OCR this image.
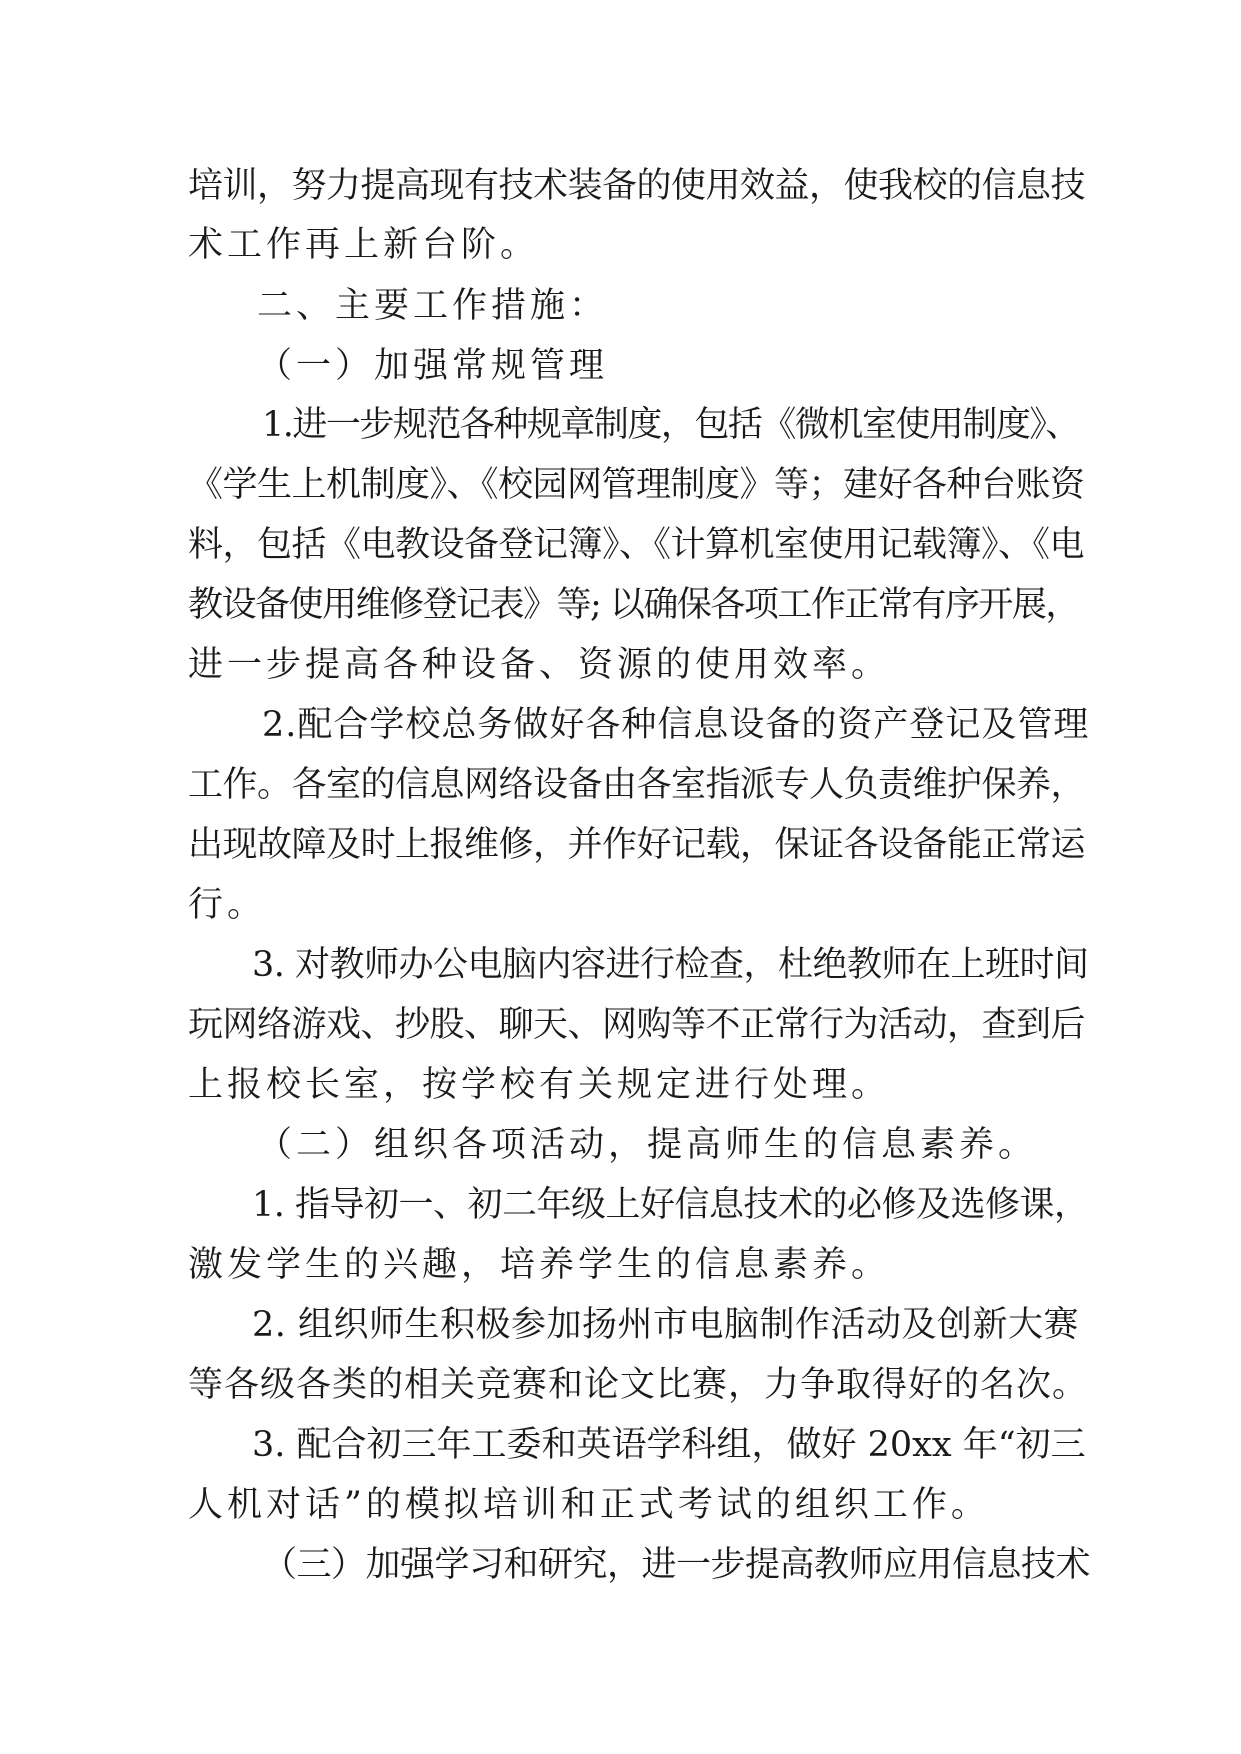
培训，努力提高现有技术装备的使用效益，使我校的信息技
术工作再上新台阶。
二、主要工作措施：
（一）加强常规管理
1.进一步规范各种规章制度，包括《微机室使用制度》、
《学生上机制度》、《校园网管理制度》等；建好各种台账资
料，包括《电教设备登记簿》、《计算机室使用记载簿》、《电
教设备使用维修登记表》等; 以确保各项工作正常有序开展，
进一步提高各种设备、资源的使用效率。
2.配合学校总务做好各种信息设备的资产登记及管理
工作。各室的信息网络设备由各室指派专人负责维护保养，
出现故障及时上报维修，并作好记载，保证各设备能正常运
行。
3. 对教师办公电脑内容进行检查，杜绝教师在上班时间
玩网络游戏、抄股、聊天、网购等不正常行为活动，查到后
上报校长室，按学校有关规定进行处理。
（二）组织各项活动，提高师生的信息素养。
1. 指导初一、初二年级上好信息技术的必修及选修课，
激发学生的兴趣，培养学生的信息素养。
2. 组织师生积极参加扬州市电脑制作活动及创新大赛
等各级各类的相关竞赛和论文比赛，力争取得好的名次。
3. 配合初三年工委和英语学科组，做好 20xx 年“初三
人机对话”的模拟培训和正式考试的组织工作。
（三）加强学习和研究，进一步提高教师应用信息技术
